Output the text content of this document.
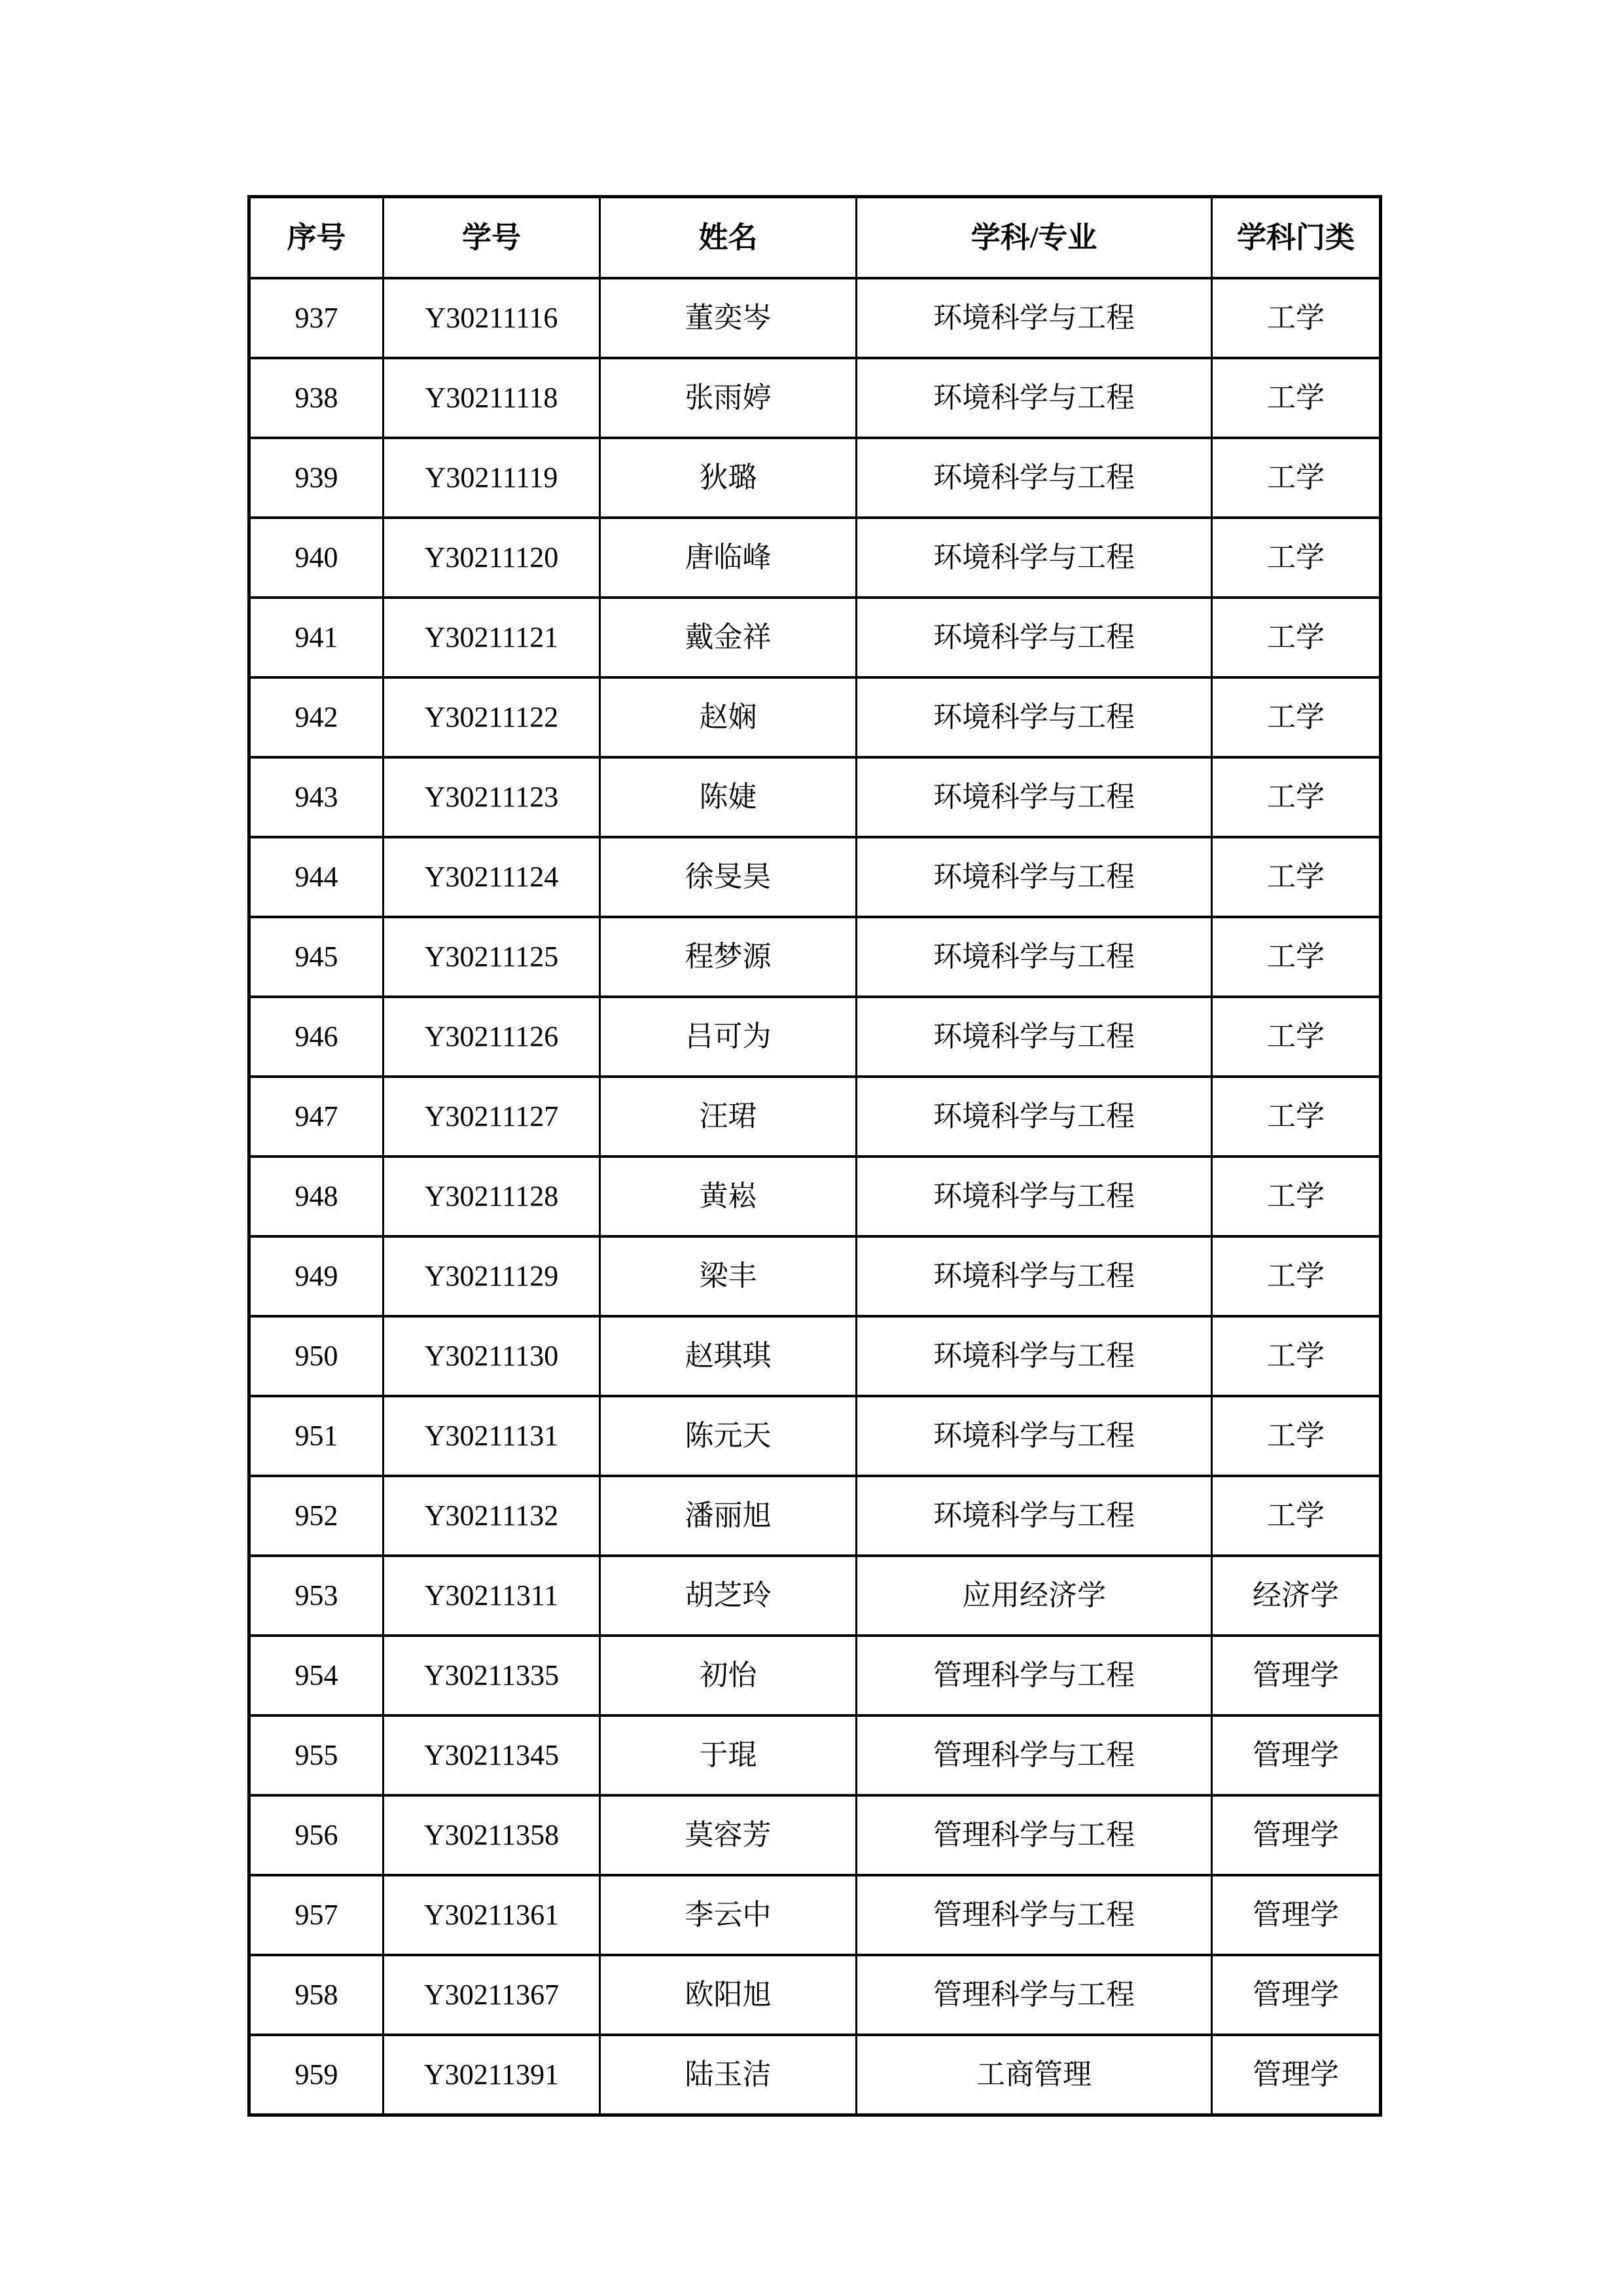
序号	学号	姓名	学科/专业	学科门类
937	Y30211116	董奕岑	环境科学与工程	工学
938	Y30211118	张雨婷	环境科学与工程	工学
939	Y30211119	狄璐	环境科学与工程	工学
940	Y30211120	唐临峰	环境科学与工程	工学
941	Y30211121	戴金祥	环境科学与工程	工学
942	Y30211122	赵娴	环境科学与工程	工学
943	Y30211123	陈婕	环境科学与工程	工学
944	Y30211124	徐旻昊	环境科学与工程	工学
945	Y30211125	程梦源	环境科学与工程	工学
946	Y30211126	吕可为	环境科学与工程	工学
947	Y30211127	汪珺	环境科学与工程	工学
948	Y30211128	黄崧	环境科学与工程	工学
949	Y30211129	梁丰	环境科学与工程	工学
950	Y30211130	赵琪琪	环境科学与工程	工学
951	Y30211131	陈元天	环境科学与工程	工学
952	Y30211132	潘丽旭	环境科学与工程	工学
953	Y30211311	胡芝玲	应用经济学	经济学
954	Y30211335	初怡	管理科学与工程	管理学
955	Y30211345	于琨	管理科学与工程	管理学
956	Y30211358	莫容芳	管理科学与工程	管理学
957	Y30211361	李云中	管理科学与工程	管理学
958	Y30211367	欧阳旭	管理科学与工程	管理学
959	Y30211391	陆玉洁	工商管理	管理学
